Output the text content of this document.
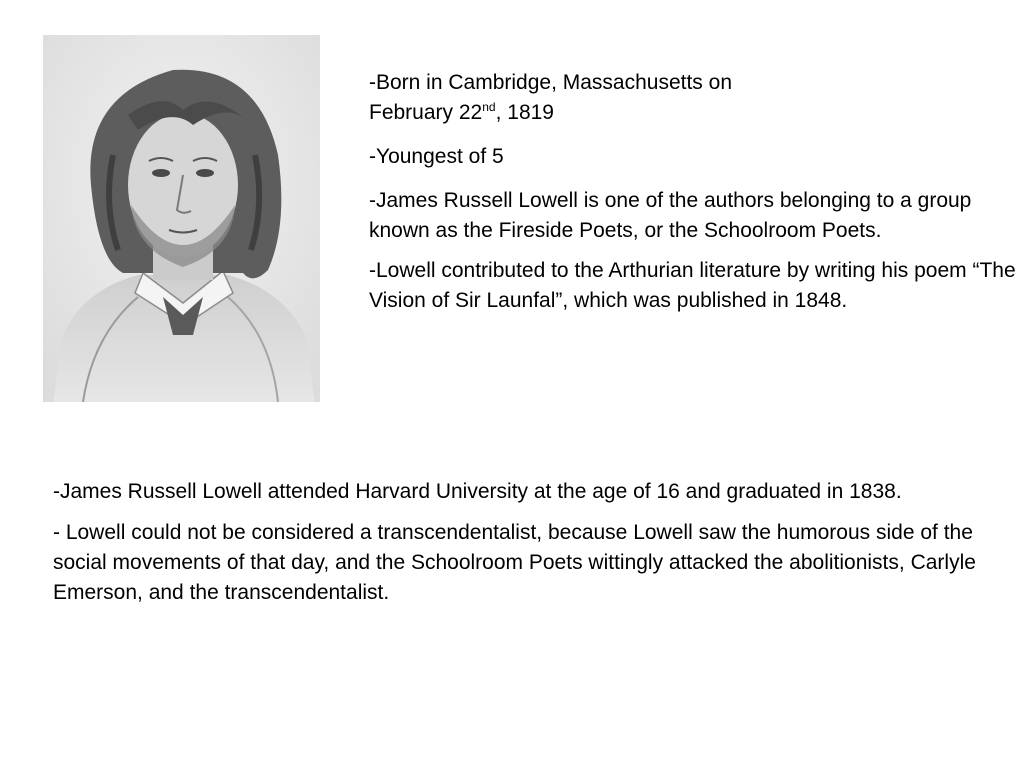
-Born in Cambridge, Massachusetts on
February 22nd, 1819

-Youngest of 5

-James Russell Lowell is one of the authors belonging to a group known as the Fireside Poets, or the Schoolroom Poets.

-Lowell contributed to the Arthurian literature by writing his poem “The Vision of Sir Launfal”, which was published in 1848.

-James Russell Lowell attended Harvard University at the age of 16 and graduated in 1838.

- Lowell could not be considered a transcendentalist, because Lowell saw the humorous side of the social movements of that day, and the Schoolroom Poets wittingly attacked the abolitionists, Carlyle Emerson, and the transcendentalist.
